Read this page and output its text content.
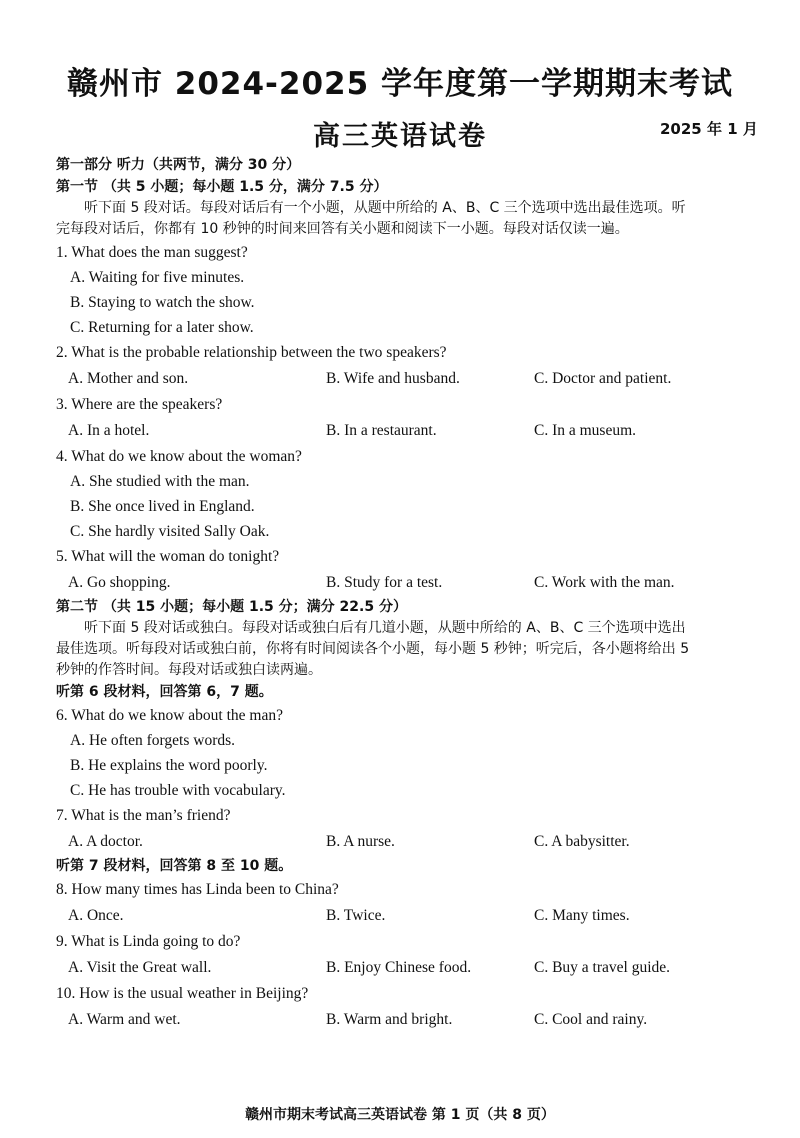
赣州市 2024-2025 学年度第一学期期末考试
高三英语试卷	2025 年 1 月
第一部分 听力（共两节，满分 30 分）
第一节 （共 5 小题；每小题 1.5 分，满分 7.5 分）
听下面 5 段对话。每段对话后有一个小题，从题中所给的 A、B、C 三个选项中选出最佳选项。听
完每段对话后，你都有 10 秒钟的时间来回答有关小题和阅读下一小题。每段对话仅读一遍。
1. What does the man suggest?
A. Waiting for five minutes.
B. Staying to watch the show.
C. Returning for a later show.
2. What is the probable relationship between the two speakers?
A. Mother and son.	B. Wife and husband.	C. Doctor and patient.
3. Where are the speakers?
A. In a hotel.	B. In a restaurant.	C. In a museum.
4. What do we know about the woman?
A. She studied with the man.
B. She once lived in England.
C. She hardly visited Sally Oak.
5. What will the woman do tonight?
A. Go shopping.	B. Study for a test.	C. Work with the man.
第二节 （共 15 小题；每小题 1.5 分；满分 22.5 分）
听下面 5 段对话或独白。每段对话或独白后有几道小题，从题中所给的 A、B、C 三个选项中选出
最佳选项。听每段对话或独白前，你将有时间阅读各个小题，每小题 5 秒钟；听完后，各小题将给出 5
秒钟的作答时间。每段对话或独白读两遍。
听第 6 段材料，回答第 6，7 题。
6. What do we know about the man?
A. He often forgets words.
B. He explains the word poorly.
C. He has trouble with vocabulary.
7. What is the man’s friend?
A. A doctor.	B. A nurse.	C. A babysitter.
听第 7 段材料，回答第 8 至 10 题。
8. How many times has Linda been to China?
A. Once.	B. Twice.	C. Many times.
9. What is Linda going to do?
A. Visit the Great wall.	B. Enjoy Chinese food.	C. Buy a travel guide.
10. How is the usual weather in Beijing?
A. Warm and wet.	B. Warm and bright.	C. Cool and rainy.
赣州市期末考试高三英语试卷 第 1 页（共 8 页）
